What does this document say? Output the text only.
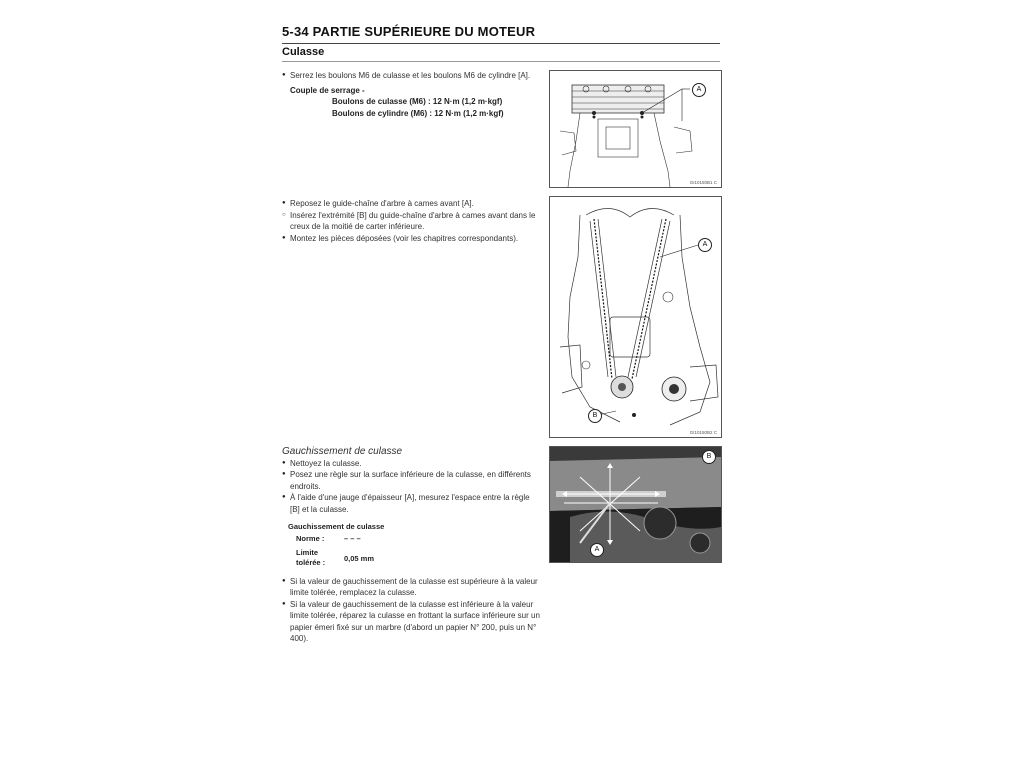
5-34 PARTIE SUPÉRIEURE DU MOTEUR
Culasse
● Serrez les boulons M6 de culasse et les boulons M6 de cylindre [A].
Couple de serrage -
Boulons de culasse (M6) : 12 N·m (1,2 m·kgf)
Boulons de cylindre (M6) : 12 N·m (1,2 m·kgf)
A
GI10150B1 C
● Reposez le guide-chaîne d'arbre à cames avant [A].
○ Insérez l'extrémité [B] du guide-chaîne d'arbre à cames avant dans le creux de la moitié de carter inférieure.
● Montez les pièces déposées (voir les chapitres correspondants).
A
B
GI10150B2 C
Gauchissement de culasse
● Nettoyez la culasse.
● Posez une règle sur la surface inférieure de la culasse, en différents endroits.
● À l'aide d'une jauge d'épaisseur [A], mesurez l'espace entre la règle [B] et la culasse.
Gauchissement de culasse
Norme :	– – –
Limite tolérée :	0,05 mm
● Si la valeur de gauchissement de la culasse est supérieure à la valeur limite tolérée, remplacez la culasse.
● Si la valeur de gauchissement de la culasse est inférieure à la valeur limite tolérée, réparez la culasse en frottant la surface inférieure sur un papier émeri fixé sur un marbre (d'abord un papier N° 200, puis un N° 400).
A
B
